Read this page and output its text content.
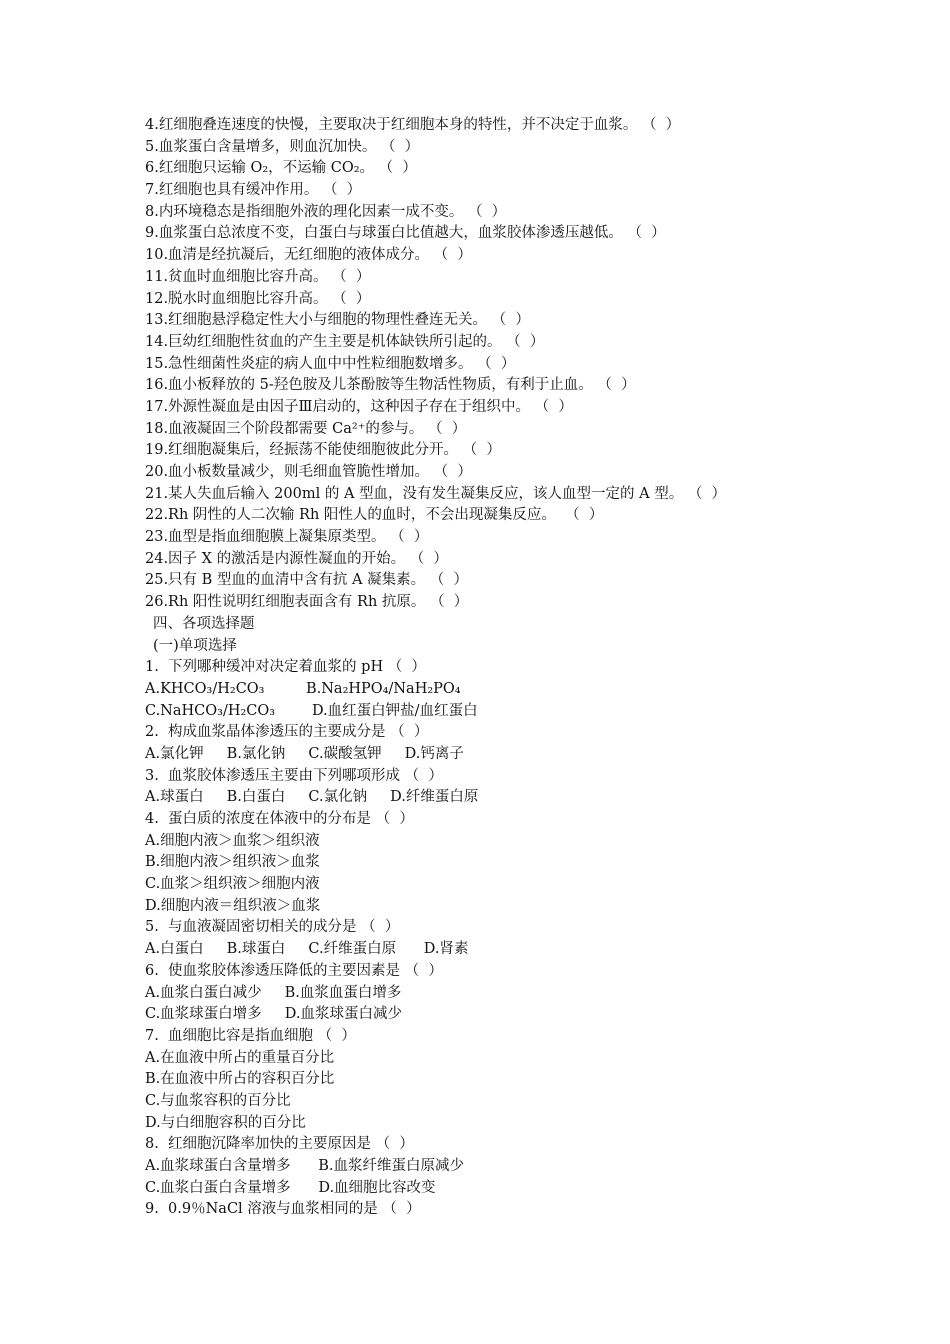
4.红细胞叠连速度的快慢，主要取决于红细胞本身的特性，并不决定于血浆。 （  ）
5.血浆蛋白含量增多，则血沉加快。 （  ）
6.红细胞只运输 O₂，不运输 CO₂。 （  ）
7.红细胞也具有缓冲作用。 （  ）
8.内环境稳态是指细胞外液的理化因素一成不变。 （  ）
9.血浆蛋白总浓度不变，白蛋白与球蛋白比值越大，血浆胶体渗透压越低。 （  ）
10.血清是经抗凝后，无红细胞的液体成分。 （  ）
11.贫血时血细胞比容升高。 （  ）
12.脱水时血细胞比容升高。 （  ）
13.红细胞悬浮稳定性大小与细胞的物理性叠连无关。 （  ）
14.巨幼红细胞性贫血的产生主要是机体缺铁所引起的。 （  ）
15.急性细菌性炎症的病人血中中性粒细胞数增多。 （  ）
16.血小板释放的 5-羟色胺及儿茶酚胺等生物活性物质，有利于止血。 （  ）
17.外源性凝血是由因子Ⅲ启动的，这种因子存在于组织中。 （  ）
18.血液凝固三个阶段都需要 Ca²⁺的参与。 （  ）
19.红细胞凝集后，经振荡不能使细胞彼此分开。 （  ）
20.血小板数量减少，则毛细血管脆性增加。 （  ）
21.某人失血后输入 200ml 的 A 型血，没有发生凝集反应，该人血型一定的 A 型。 （  ）
22.Rh 阴性的人二次输 Rh 阳性人的血时，不会出现凝集反应。  （  ）
23.血型是指血细胞膜上凝集原类型。 （  ）
24.因子 X 的激活是内源性凝血的开始。 （  ）
25.只有 B 型血的血清中含有抗 A 凝集素。 （  ）
26.Rh 阳性说明红细胞表面含有 Rh 抗原。 （  ）
四、各项选择题
(一)单项选择
1.  下列哪种缓冲对决定着血浆的 pH （  ）
A.KHCO₃/H₂CO₃         B.Na₂HPO₄/NaH₂PO₄
C.NaHCO₃/H₂CO₃        D.血红蛋白钾盐/血红蛋白
2.  构成血浆晶体渗透压的主要成分是 （  ）
A.氯化钾     B.氯化钠     C.碳酸氢钾     D.钙离子
3.  血浆胶体渗透压主要由下列哪项形成 （  ）
A.球蛋白     B.白蛋白     C.氯化钠     D.纤维蛋白原
4.  蛋白质的浓度在体液中的分布是 （  ）
A.细胞内液＞血浆＞组织液
B.细胞内液＞组织液＞血浆
C.血浆＞组织液＞细胞内液
D.细胞内液＝组织液＞血浆
5.  与血液凝固密切相关的成分是 （  ）
A.白蛋白     B.球蛋白     C.纤维蛋白原      D.肾素
6.  使血浆胶体渗透压降低的主要因素是 （  ）
A.血浆白蛋白减少     B.血浆血蛋白增多
C.血浆球蛋白增多     D.血浆球蛋白减少
7.  血细胞比容是指血细胞 （  ）
A.在血液中所占的重量百分比
B.在血液中所占的容积百分比
C.与血浆容积的百分比
D.与白细胞容积的百分比
8.  红细胞沉降率加快的主要原因是 （  ）
A.血浆球蛋白含量增多      B.血浆纤维蛋白原减少
C.血浆白蛋白含量增多      D.血细胞比容改变
9.  0.9％NaCl 溶液与血浆相同的是 （  ）
